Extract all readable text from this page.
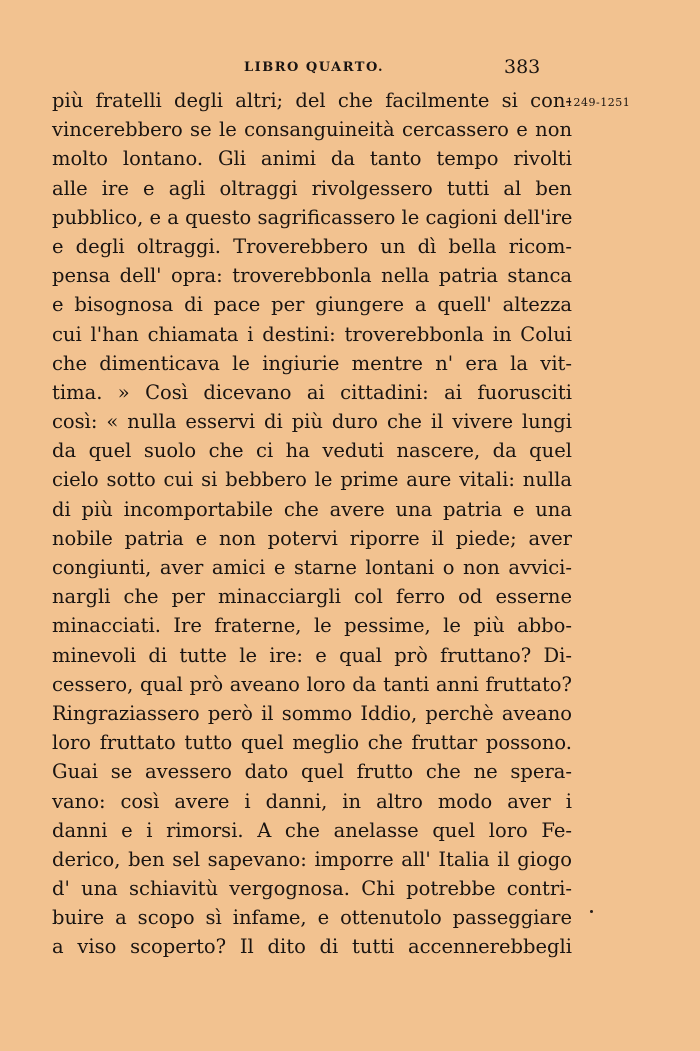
LIBRO QUARTO.	383
1249-1251
più fratelli degli altri; del che facilmente si con-
vincerebbero se le consanguineità cercassero e non
molto lontano. Gli animi da tanto tempo rivolti
alle ire e agli oltraggi rivolgessero tutti al ben
pubblico, e a questo sagrificassero le cagioni dell'ire
e degli oltraggi. Troverebbero un dì bella ricom-
pensa dell' opra: troverebbonla nella patria stanca
e bisognosa di pace per giungere a quell' altezza
cui l'han chiamata i destini: troverebbonla in Colui
che dimenticava le ingiurie mentre n' era la vit-
tima. » Così dicevano ai cittadini: ai fuorusciti
così: « nulla esservi di più duro che il vivere lungi
da quel suolo che ci ha veduti nascere, da quel
cielo sotto cui si bebbero le prime aure vitali: nulla
di più incomportabile che avere una patria e una
nobile patria e non potervi riporre il piede; aver
congiunti, aver amici e starne lontani o non avvici-
nargli che per minacciargli col ferro od esserne
minacciati. Ire fraterne, le pessime, le più abbo-
minevoli di tutte le ire: e qual prò fruttano? Di-
cessero, qual prò aveano loro da tanti anni fruttato?
Ringraziassero però il sommo Iddio, perchè aveano
loro fruttato tutto quel meglio che fruttar possono.
Guai se avessero dato quel frutto che ne spera-
vano: così avere i danni, in altro modo aver i
danni e i rimorsi. A che anelasse quel loro Fe-
derico, ben sel sapevano: imporre all' Italia il giogo
d' una schiavitù vergognosa. Chi potrebbe contri-
buire a scopo sì infame, e ottenutolo passeggiare
a viso scoperto? Il dito di tutti accennerebbegli
